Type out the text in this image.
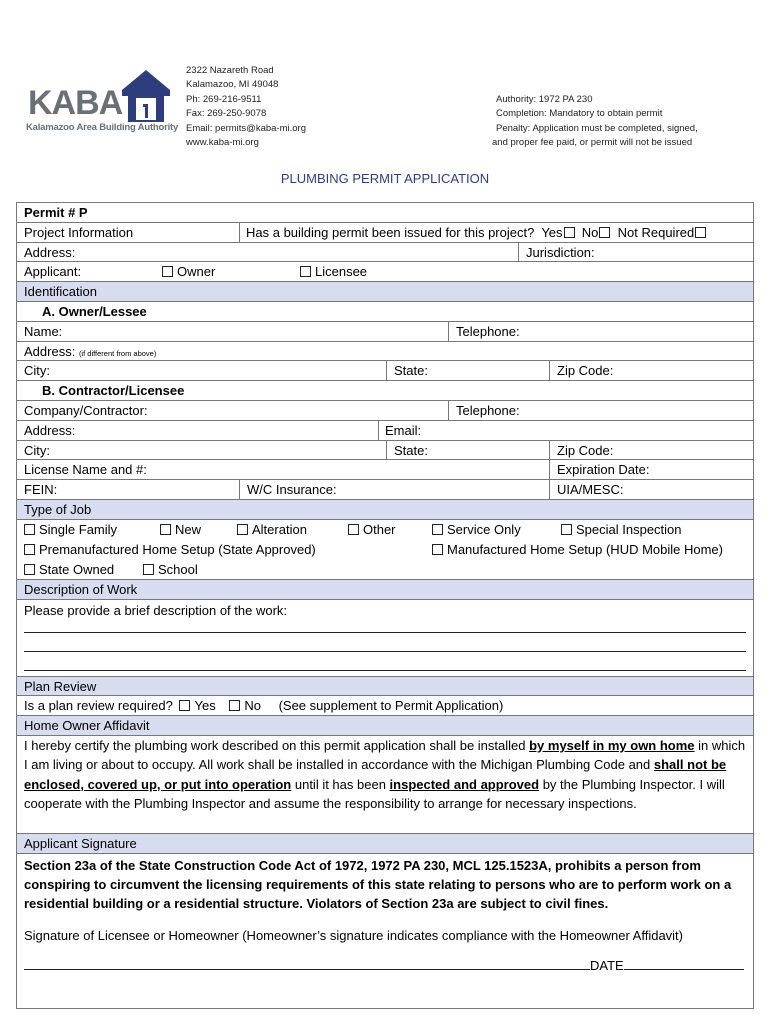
KABA
Kalamazoo Area Building Authority
2322 Nazareth Road
Kalamazoo, MI 49048
Ph: 269-216-9511
Fax: 269-250-9078
Email: permits@kaba-mi.org
www.kaba-mi.org
Authority: 1972 PA 230
Completion: Mandatory to obtain permit
Penalty: Application must be completed, signed,
and proper fee paid, or permit will not be issued
PLUMBING PERMIT APPLICATION
Permit # P
Project Information	Has a building permit been issued for this project? Yes No Not Required
Address:	Jurisdiction:
Applicant:	Owner	Licensee
Identification
A. Owner/Lessee
Name:	Telephone:
Address: (if different from above)
City:	State:	Zip Code:
B. Contractor/Licensee
Company/Contractor:	Telephone:
Address:	Email:
City:	State:	Zip Code:
License Name and #:	Expiration Date:
FEIN:	W/C Insurance:	UIA/MESC:
Type of Job
Single Family	New	Alteration	Other	Service Only	Special Inspection
Premanufactured Home Setup (State Approved)	Manufactured Home Setup (HUD Mobile Home)
State Owned	School
Description of Work
Please provide a brief description of the work:
Plan Review
Is a plan review required? Yes No (See supplement to Permit Application)
Home Owner Affidavit
I hereby certify the plumbing work described on this permit application shall be installed by myself in my own home in which I am living or about to occupy. All work shall be installed in accordance with the Michigan Plumbing Code and shall not be enclosed, covered up, or put into operation until it has been inspected and approved by the Plumbing Inspector. I will cooperate with the Plumbing Inspector and assume the responsibility to arrange for necessary inspections.
Applicant Signature
Section 23a of the State Construction Code Act of 1972, 1972 PA 230, MCL 125.1523A, prohibits a person from conspiring to circumvent the licensing requirements of this state relating to persons who are to perform work on a residential building or a residential structure. Violators of Section 23a are subject to civil fines.
Signature of Licensee or Homeowner (Homeowner’s signature indicates compliance with the Homeowner Affidavit)
DATE
